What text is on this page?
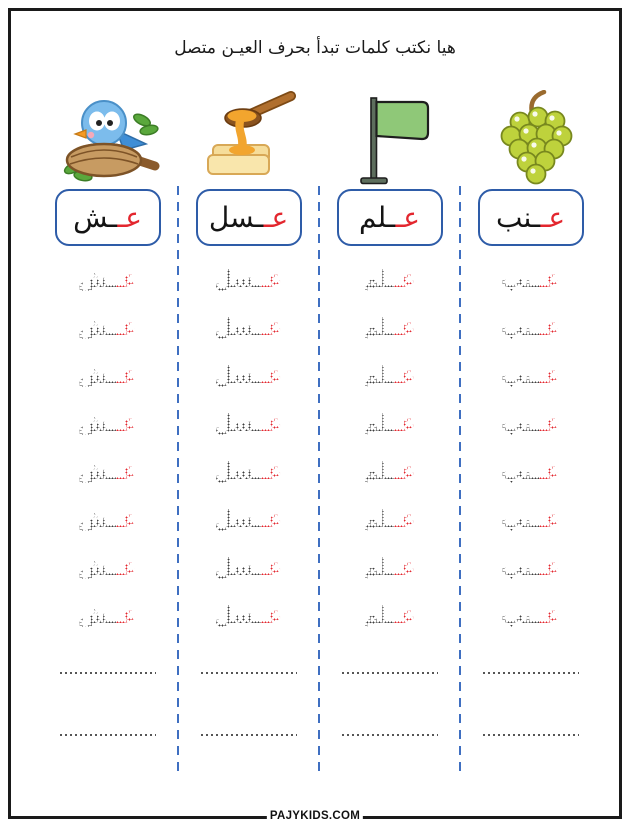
هيا نكتب كلمات تبدأ بحرف العيـن متصل
عـ
ـش
عـ
ـش
عـ
ـش
عـ
ـش
عـ
ـش
عـ
ـش
عـ
ـش
عـ
ـش
عـ
ـش
عـ
ـسل
عـ
ـسل
عـ
ـسل
عـ
ـسل
عـ
ـسل
عـ
ـسل
عـ
ـسل
عـ
ـسل
عـ
ـسل
عـ
ـلم
عـ
ـلم
عـ
ـلم
عـ
ـلم
عـ
ـلم
عـ
ـلم
عـ
ـلم
عـ
ـلم
عـ
ـلم
عـ
ـنب
عـ
ـنب
عـ
ـنب
عـ
ـنب
عـ
ـنب
عـ
ـنب
عـ
ـنب
عـ
ـنب
عـ
ـنب
PAJYKIDS.COM
